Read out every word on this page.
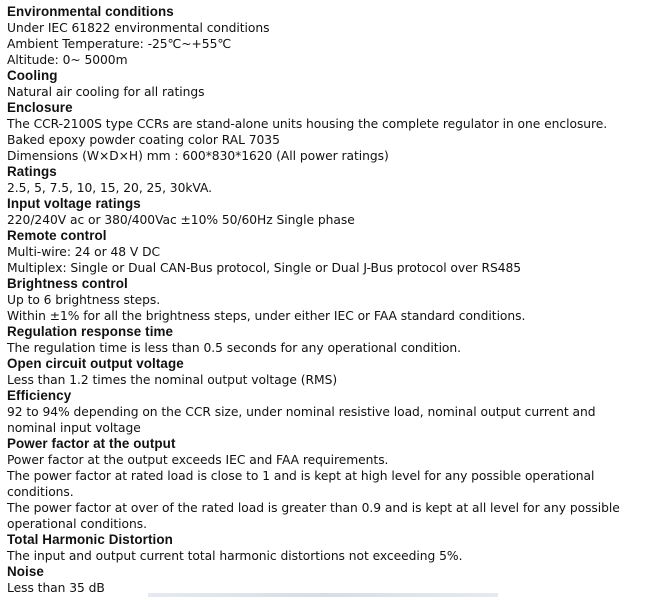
Environmental conditions
Under IEC 61822 environmental conditions
Ambient Temperature: -25℃~+55℃
Altitude: 0~ 5000m
Cooling
Natural air cooling for all ratings
Enclosure
The CCR-2100S type CCRs are stand-alone units housing the complete regulator in one enclosure.
Baked epoxy powder coating color RAL 7035
Dimensions (W×D×H) mm : 600*830*1620 (All power ratings)
Ratings
2.5, 5, 7.5, 10, 15, 20, 25, 30kVA.
Input voltage ratings
220/240V ac or 380/400Vac ±10% 50/60Hz Single phase
Remote control
Multi-wire: 24 or 48 V DC
Multiplex: Single or Dual CAN-Bus protocol, Single or Dual J-Bus protocol over RS485
Brightness control
Up to 6 brightness steps.
Within ±1% for all the brightness steps, under either IEC or FAA standard conditions.
Regulation response time
The regulation time is less than 0.5 seconds for any operational condition.
Open circuit output voltage
Less than 1.2 times the nominal output voltage (RMS)
Efficiency
92 to 94% depending on the CCR size, under nominal resistive load, nominal output current and nominal input voltage
Power factor at the output
Power factor at the output exceeds IEC and FAA requirements.
The power factor at rated load is close to 1 and is kept at high level for any possible operational conditions.
The power factor at over of the rated load is greater than 0.9 and is kept at all level for any possible operational conditions.
Total Harmonic Distortion
The input and output current total harmonic distortions not exceeding 5%.
Noise
Less than 35 dB
